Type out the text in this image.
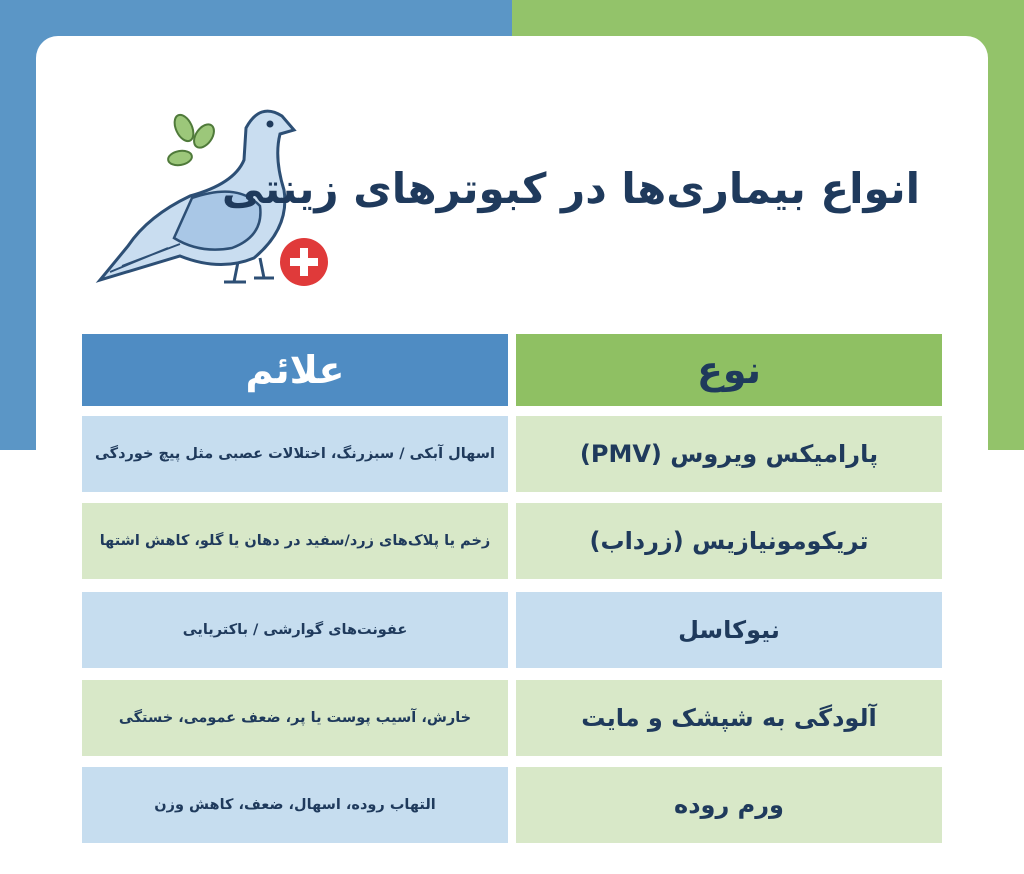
انواع بیماری‌ها در کبوترهای زینتی
علائم	نوع
پارامیکس ویروس (PMV)
اسهال آبکی / سبزرنگ، اختلالات عصبی مثل پیچ خوردگی
تریکومونیازیس (زرداب)
زخم یا پلاک‌های زرد/سفید در دهان یا گلو، کاهش اشتها
نیوکاسل
عفونت‌های گوارشی / باکتریایی
آلودگی به شپشک و مایت
خارش، آسیب پوست یا پر، ضعف عمومی، خستگی
ورم روده
التهاب روده، اسهال، ضعف، کاهش وزن
